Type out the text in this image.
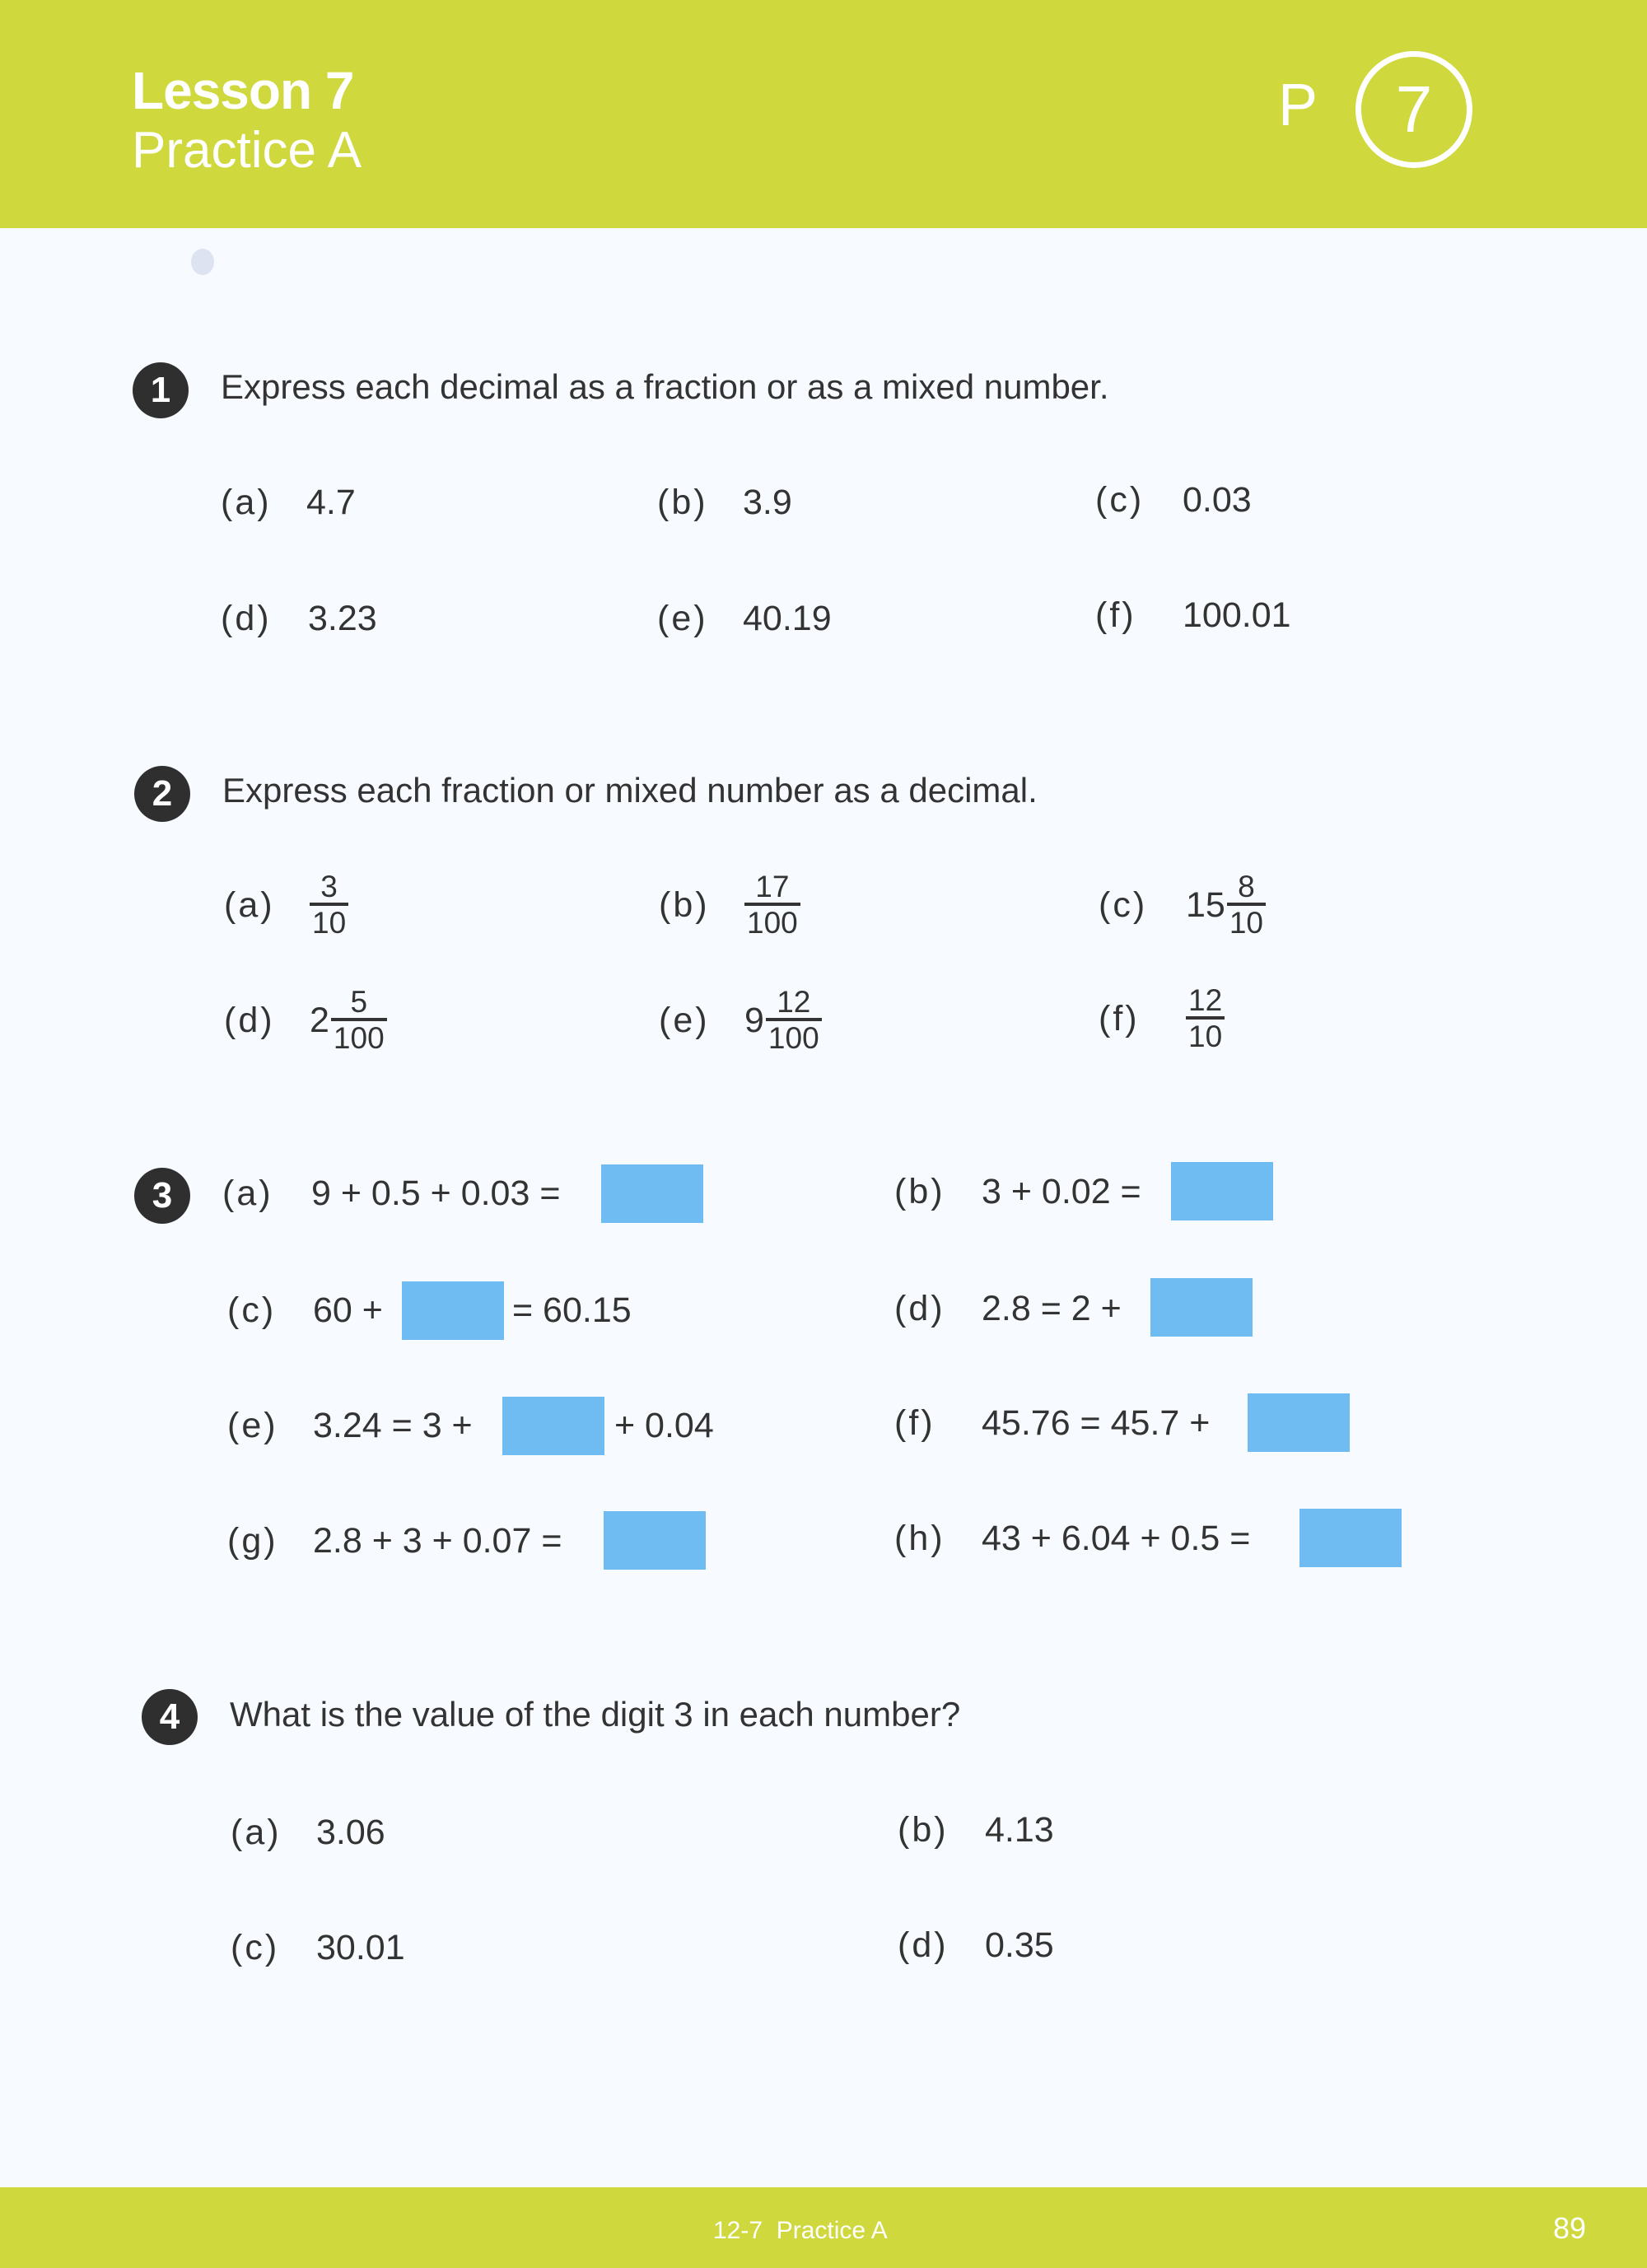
Lesson 7
Practice A
P	7
1	Express each decimal as a fraction or as a mixed number.
(a) 4.7	(b) 3.9	(c)	0.03
(d)	3.23	(e) 40.19	(f)	100.01
2	Express each fraction or mixed number as a decimal.
(a)	$\frac{3}{10}$	(b)	$\frac{17}{100}$	(c)	$15 \frac{8}{10}$
(d) $2 \frac{5}{100}$	(e) $9 \frac{12}{100}$	(f)	$\frac{12}{10}$
3	(a)	9 + 0.5 + 0.03 =	(b)	3 + 0.02 =
(c)	60 +	= 60.15	(d)	2.8 = 2 +
(e) 3.24 = 3 +	+ 0.04	(f)	45.76 = 45.7 +
(g) 2.8 + 3 + 0.07 =	(h)	43 + 6.04 + 0.5 =
4	What is the value of the digit 3 in each number?
(a) 3.06	(b)	4.13
(c)	30.01	(d)	0.35
12-7  Practice A	89
